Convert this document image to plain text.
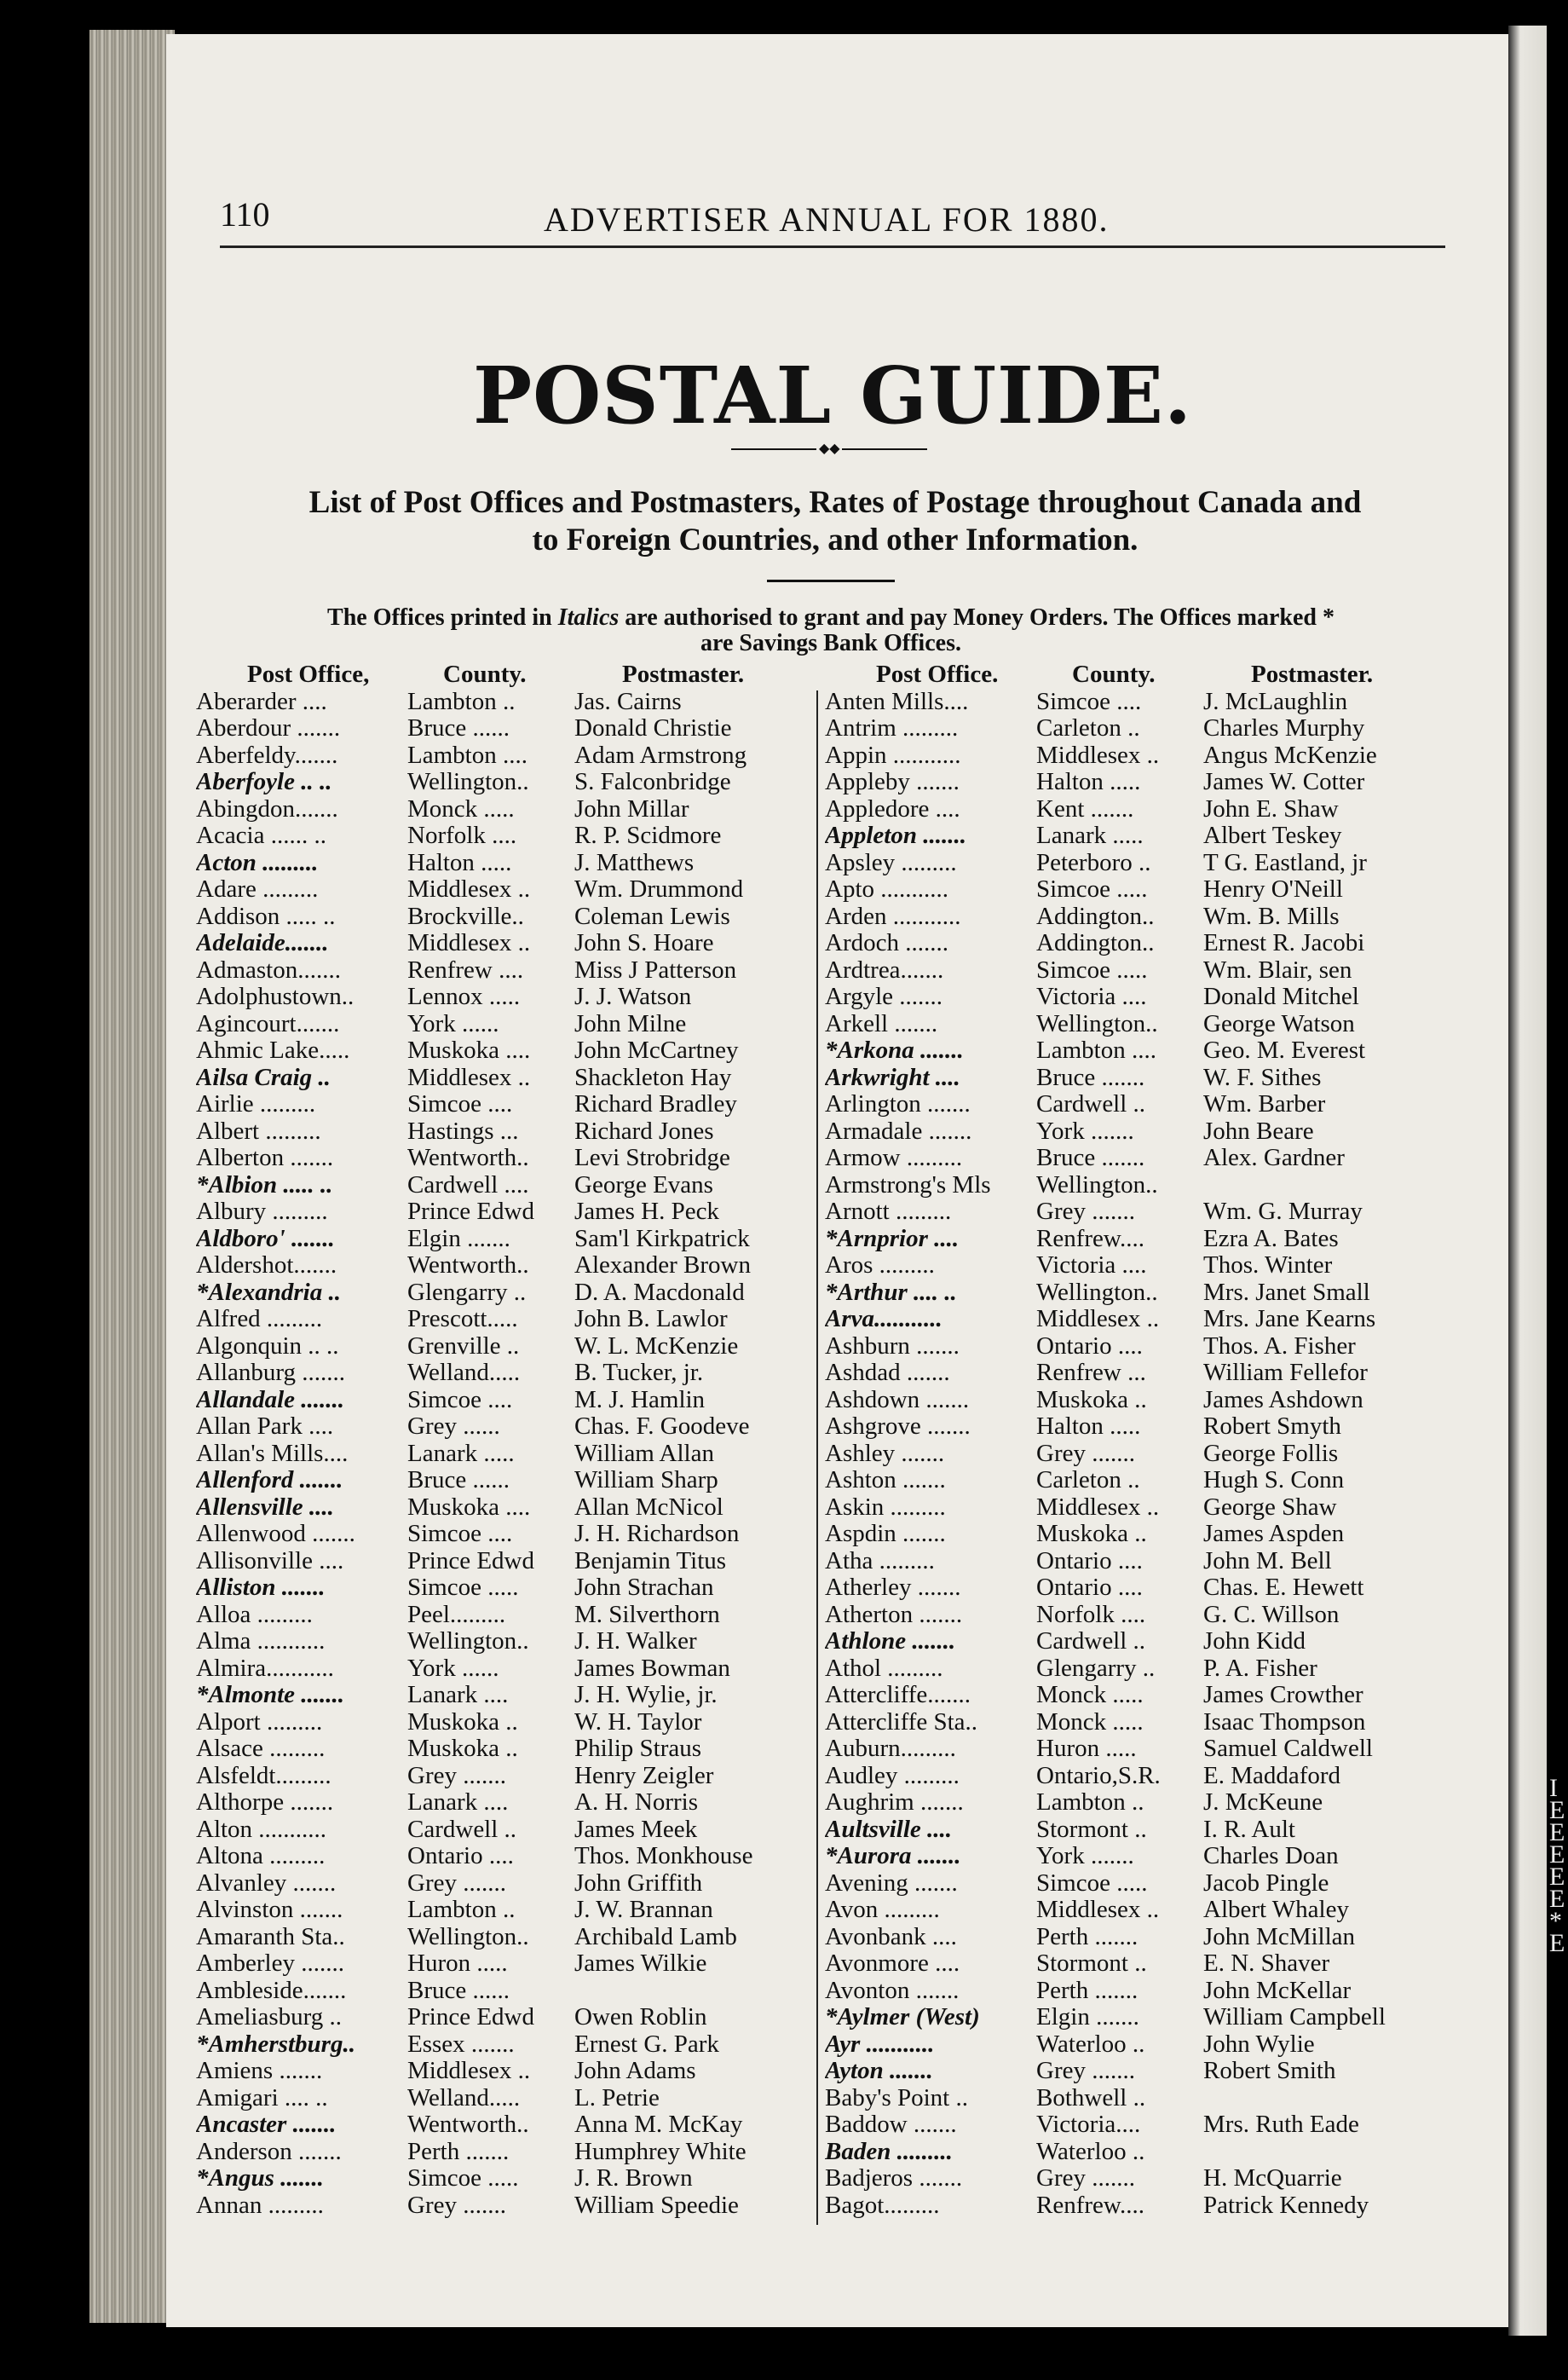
I
E
E
E
E
E
*
E
110	ADVERTISER ANNUAL FOR 1880.
POSTAL GUIDE.
◆◆
List of Post Offices and Postmasters, Rates of Postage throughout Canada and
to Foreign Countries, and other Information.
The Offices printed in Italics are authorised to grant and pay Money Orders. The Offices marked *
are Savings Bank Offices.
Post Office,	County.	Postmaster.
Aberarder ....	Lambton ..	Jas. Cairns
Aberdour .......	Bruce ......	Donald Christie
Aberfeldy.......	Lambton ....	Adam Armstrong
Aberfoyle .. ..	Wellington..	S. Falconbridge
Abingdon.......	Monck .....	John Millar
Acacia ...... ..	Norfolk ....	R. P. Scidmore
Acton .........	Halton .....	J. Matthews
Adare .........	Middlesex ..	Wm. Drummond
Addison ..... ..	Brockville..	Coleman Lewis
Adelaide.......	Middlesex ..	John S. Hoare
Admaston.......	Renfrew ....	Miss J Patterson
Adolphustown..	Lennox .....	J. J. Watson
Agincourt.......	York ......	John Milne
Ahmic Lake.....	Muskoka ....	John McCartney
Ailsa Craig ..	Middlesex ..	Shackleton Hay
Airlie .........	Simcoe ....	Richard Bradley
Albert .........	Hastings ...	Richard Jones
Alberton .......	Wentworth..	Levi Strobridge
*Albion ..... ..	Cardwell ....	George Evans
Albury .........	Prince Edwd	James H. Peck
Aldboro' .......	Elgin .......	Sam'l Kirkpatrick
Aldershot.......	Wentworth..	Alexander Brown
*Alexandria ..	Glengarry ..	D. A. Macdonald
Alfred .........	Prescott.....	John B. Lawlor
Algonquin .. ..	Grenville ..	W. L. McKenzie
Allanburg .......	Welland.....	B. Tucker, jr.
Allandale .......	Simcoe ....	M. J. Hamlin
Allan Park ....	Grey ......	Chas. F. Goodeve
Allan's Mills....	Lanark .....	William Allan
Allenford .......	Bruce ......	William Sharp
Allensville ....	Muskoka ....	Allan McNicol
Allenwood .......	Simcoe ....	J. H. Richardson
Allisonville ....	Prince Edwd	Benjamin Titus
Alliston .......	Simcoe .....	John Strachan
Alloa .........	Peel.........	M. Silverthorn
Alma ...........	Wellington..	J. H. Walker
Almira...........	York ......	James Bowman
*Almonte .......	Lanark ....	J. H. Wylie, jr.
Alport .........	Muskoka ..	W. H. Taylor
Alsace .........	Muskoka ..	Philip Straus
Alsfeldt.........	Grey .......	Henry Zeigler
Althorpe .......	Lanark ....	A. H. Norris
Alton ...........	Cardwell ..	James Meek
Altona .........	Ontario ....	Thos. Monkhouse
Alvanley .......	Grey .......	John Griffith
Alvinston .......	Lambton ..	J. W. Brannan
Amaranth Sta..	Wellington..	Archibald Lamb
Amberley .......	Huron .....	James Wilkie
Ambleside.......	Bruce ......
Ameliasburg ..	Prince Edwd	Owen Roblin
*Amherstburg..	Essex .......	Ernest G. Park
Amiens .......	Middlesex ..	John Adams
Amigari .... ..	Welland.....	L. Petrie
Ancaster .......	Wentworth..	Anna M. McKay
Anderson .......	Perth .......	Humphrey White
*Angus .......	Simcoe .....	J. R. Brown
Annan .........	Grey .......	William Speedie
Post Office.	County.	Postmaster.
Anten Mills....	Simcoe ....	J. McLaughlin
Antrim .........	Carleton ..	Charles Murphy
Appin ...........	Middlesex ..	Angus McKenzie
Appleby .......	Halton .....	James W. Cotter
Appledore ....	Kent .......	John E. Shaw
Appleton .......	Lanark .....	Albert Teskey
Apsley .........	Peterboro ..	T G. Eastland, jr
Apto ...........	Simcoe .....	Henry O'Neill
Arden ...........	Addington..	Wm. B. Mills
Ardoch .......	Addington..	Ernest R. Jacobi
Ardtrea.......	Simcoe .....	Wm. Blair, sen
Argyle .......	Victoria ....	Donald Mitchel
Arkell .......	Wellington..	George Watson
*Arkona .......	Lambton ....	Geo. M. Everest
Arkwright ....	Bruce .......	W. F. Sithes
Arlington .......	Cardwell ..	Wm. Barber
Armadale .......	York .......	John Beare
Armow .........	Bruce .......	Alex. Gardner
Armstrong's Mls	Wellington..
Arnott .........	Grey .......	Wm. G. Murray
*Arnprior ....	Renfrew....	Ezra A. Bates
Aros .........	Victoria ....	Thos. Winter
*Arthur .... ..	Wellington..	Mrs. Janet Small
Arva...........	Middlesex ..	Mrs. Jane Kearns
Ashburn .......	Ontario ....	Thos. A. Fisher
Ashdad .......	Renfrew ...	William Fellefor
Ashdown .......	Muskoka ..	James Ashdown
Ashgrove .......	Halton .....	Robert Smyth
Ashley .......	Grey .......	George Follis
Ashton .......	Carleton ..	Hugh S. Conn
Askin .........	Middlesex ..	George Shaw
Aspdin .......	Muskoka ..	James Aspden
Atha .........	Ontario ....	John M. Bell
Atherley .......	Ontario ....	Chas. E. Hewett
Atherton .......	Norfolk ....	G. C. Willson
Athlone .......	Cardwell ..	John Kidd
Athol .........	Glengarry ..	P. A. Fisher
Attercliffe.......	Monck .....	James Crowther
Attercliffe Sta..	Monck .....	Isaac Thompson
Auburn.........	Huron .....	Samuel Caldwell
Audley .........	Ontario,S.R.	E. Maddaford
Aughrim .......	Lambton ..	J. McKeune
Aultsville ....	Stormont ..	I. R. Ault
*Aurora .......	York .......	Charles Doan
Avening .......	Simcoe .....	Jacob Pingle
Avon .........	Middlesex ..	Albert Whaley
Avonbank ....	Perth .......	John McMillan
Avonmore ....	Stormont ..	E. N. Shaver
Avonton .......	Perth .......	John McKellar
*Aylmer (West)	Elgin .......	William Campbell
Ayr ...........	Waterloo ..	John Wylie
Ayton .......	Grey .......	Robert Smith
Baby's Point ..	Bothwell ..
Baddow .......	Victoria....	Mrs. Ruth Eade
Baden .........	Waterloo ..
Badjeros .......	Grey .......	H. McQuarrie
Bagot.........	Renfrew....	Patrick Kennedy
